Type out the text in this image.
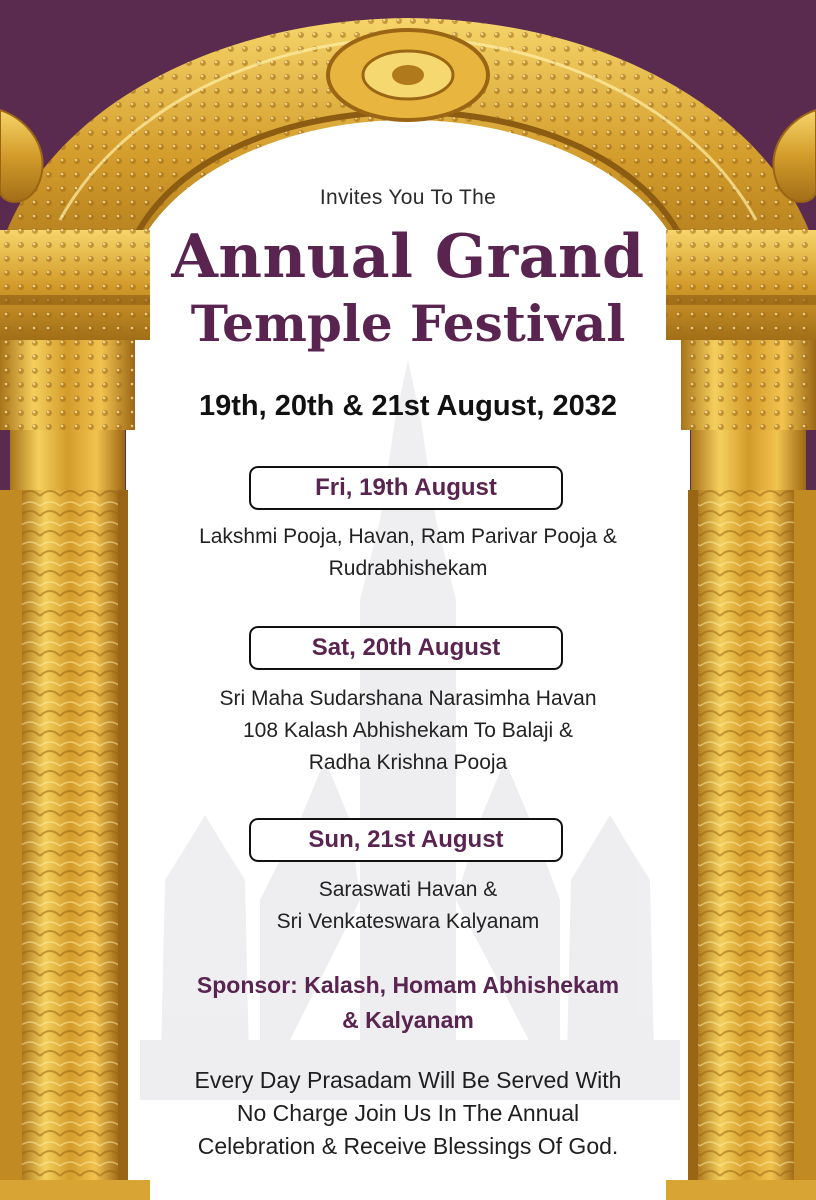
Invites You To The
Annual Grand
Temple Festival
19th, 20th & 21st August, 2032
Fri, 19th August
Lakshmi Pooja, Havan, Ram Parivar Pooja &
Rudrabhishekam
Sat, 20th August
Sri Maha Sudarshana Narasimha Havan
108 Kalash Abhishekam To Balaji &
Radha Krishna Pooja
Sun, 21st August
Saraswati Havan &
Sri Venkateswara Kalyanam
Sponsor: Kalash, Homam Abhishekam
& Kalyanam
Every Day Prasadam Will Be Served With
No Charge Join Us In The Annual
Celebration & Receive Blessings Of God.
